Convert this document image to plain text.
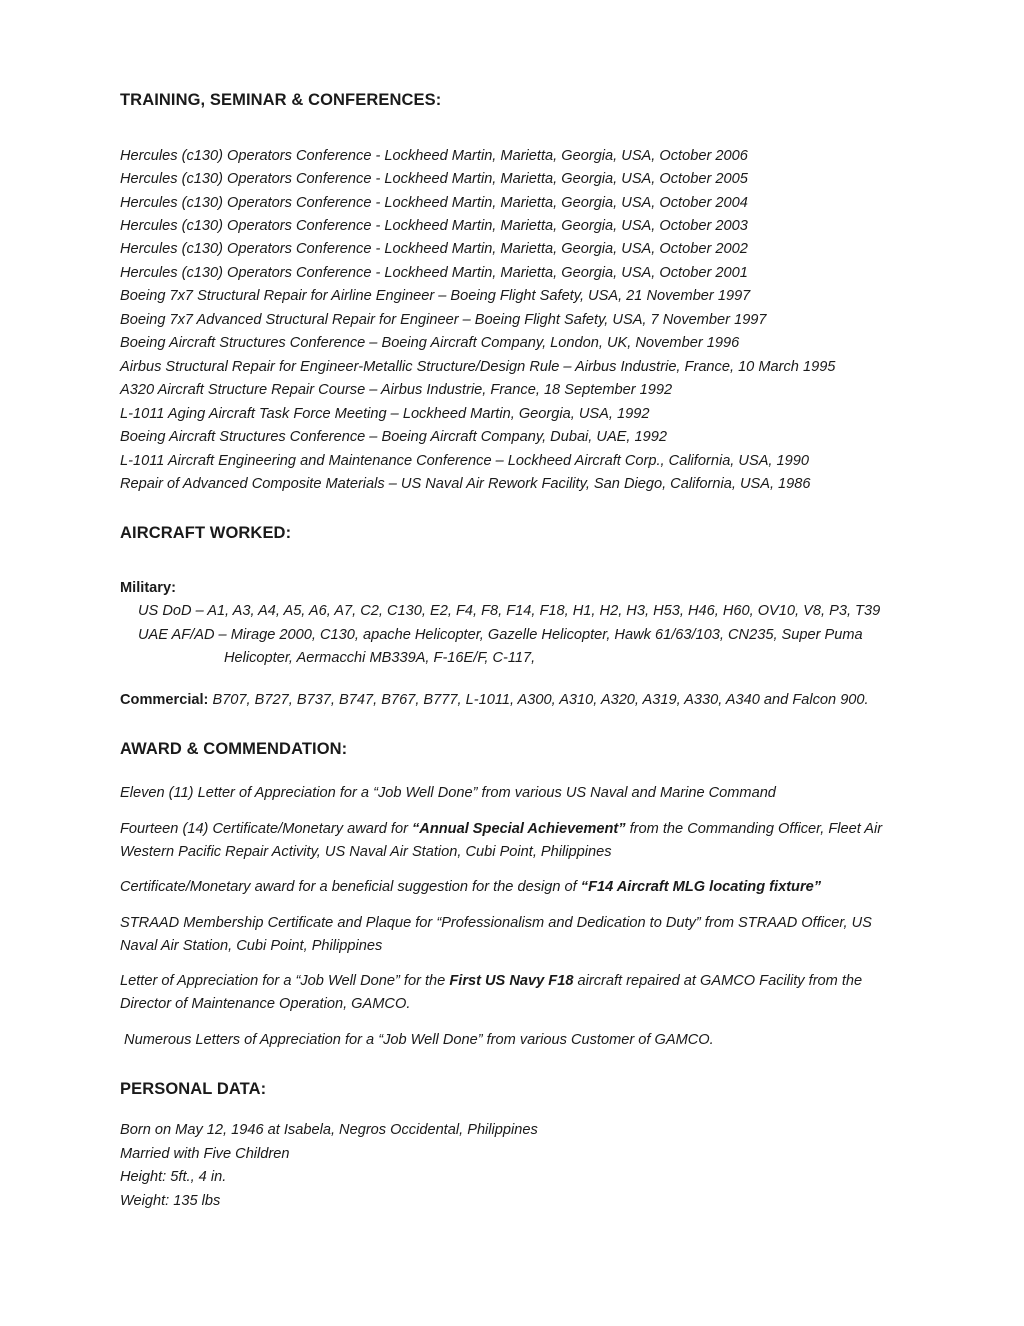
TRAINING, SEMINAR & CONFERENCES:
Hercules (c130) Operators Conference - Lockheed Martin, Marietta, Georgia, USA, October 2006
Hercules (c130) Operators Conference - Lockheed Martin, Marietta, Georgia, USA, October 2005
Hercules (c130) Operators Conference - Lockheed Martin, Marietta, Georgia, USA, October 2004
Hercules (c130) Operators Conference - Lockheed Martin, Marietta, Georgia, USA, October 2003
Hercules (c130) Operators Conference - Lockheed Martin, Marietta, Georgia, USA, October 2002
Hercules (c130) Operators Conference - Lockheed Martin, Marietta, Georgia, USA, October 2001
Boeing 7x7 Structural Repair for Airline Engineer – Boeing Flight Safety, USA, 21 November 1997
Boeing 7x7 Advanced Structural Repair for Engineer – Boeing Flight Safety, USA, 7 November 1997
Boeing Aircraft Structures Conference – Boeing Aircraft Company, London, UK, November 1996
Airbus Structural Repair for Engineer-Metallic Structure/Design Rule – Airbus Industrie, France, 10 March 1995
A320 Aircraft Structure Repair Course – Airbus Industrie, France, 18 September 1992
L-1011 Aging Aircraft Task Force Meeting – Lockheed Martin, Georgia, USA, 1992
Boeing Aircraft Structures Conference – Boeing Aircraft Company, Dubai, UAE, 1992
L-1011 Aircraft Engineering and Maintenance Conference – Lockheed Aircraft Corp., California, USA, 1990
Repair of Advanced Composite Materials – US Naval Air Rework Facility, San Diego, California, USA, 1986
AIRCRAFT WORKED:
Military:
US DoD – A1, A3, A4, A5, A6, A7, C2, C130, E2, F4, F8, F14, F18, H1, H2, H3, H53, H46, H60, OV10, V8, P3, T39
UAE AF/AD – Mirage 2000, C130, apache Helicopter, Gazelle Helicopter, Hawk 61/63/103, CN235, Super Puma
Helicopter, Aermacchi MB339A, F-16E/F, C-117,
Commercial: B707, B727, B737, B747, B767, B777, L-1011, A300, A310, A320, A319, A330, A340 and Falcon 900.
AWARD & COMMENDATION:
Eleven (11) Letter of Appreciation for a “Job Well Done” from various US Naval and Marine Command
Fourteen (14) Certificate/Monetary award for “Annual Special Achievement” from the Commanding Officer, Fleet Air Western Pacific Repair Activity, US Naval Air Station, Cubi Point, Philippines
Certificate/Monetary award for a beneficial suggestion for the design of “F14 Aircraft MLG locating fixture”
STRAAD Membership Certificate and Plaque for “Professionalism and Dedication to Duty” from STRAAD Officer, US Naval Air Station, Cubi Point, Philippines
Letter of Appreciation for a “Job Well Done” for the First US Navy F18 aircraft repaired at GAMCO Facility from the Director of Maintenance Operation, GAMCO.
Numerous Letters of Appreciation for a “Job Well Done” from various Customer of GAMCO.
PERSONAL DATA:
Born on May 12, 1946 at Isabela, Negros Occidental, Philippines
Married with Five Children
Height: 5ft., 4 in.
Weight: 135 lbs
